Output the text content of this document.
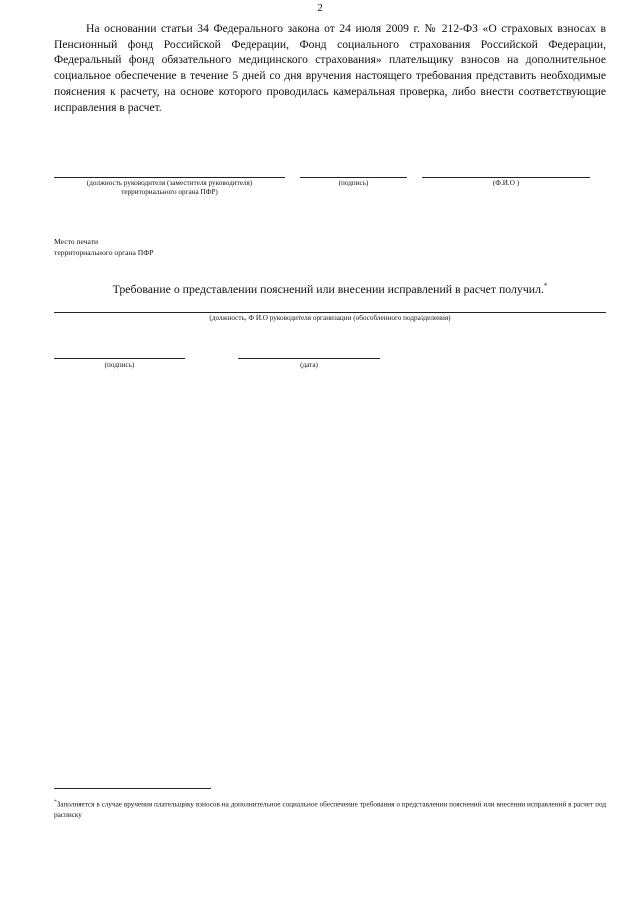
2
На основании статьи 34 Федерального закона от 24 июля 2009 г. № 212-ФЗ «О страховых взносах в Пенсионный фонд Российской Федерации, Фонд социального страхования Российской Федерации, Федеральный фонд обязательного медицинского страхования» плательщику взносов на дополнительное социальное обеспечение в течение 5 дней со дня вручения настоящего требования представить необходимые пояснения к расчету, на основе которого проводилась камеральная проверка, либо внести соответствующие исправления в расчет.
(должность руководителя (заместителя руководителя)
территориального органа ПФР)
(подпись)	(Ф.И.О )
Место печати
территориального органа ПФР
Требование о представлении пояснений или внесении исправлений в расчет получил.*
(должность, Ф И.О руководителя организации (обособленного подразделения)
(подпись)	(дата)
*Заполняется в случае вручения плательщику взносов на дополнительное социальное обеспечение требования о представлении пояснений или внесении исправлений в расчет под расписку
